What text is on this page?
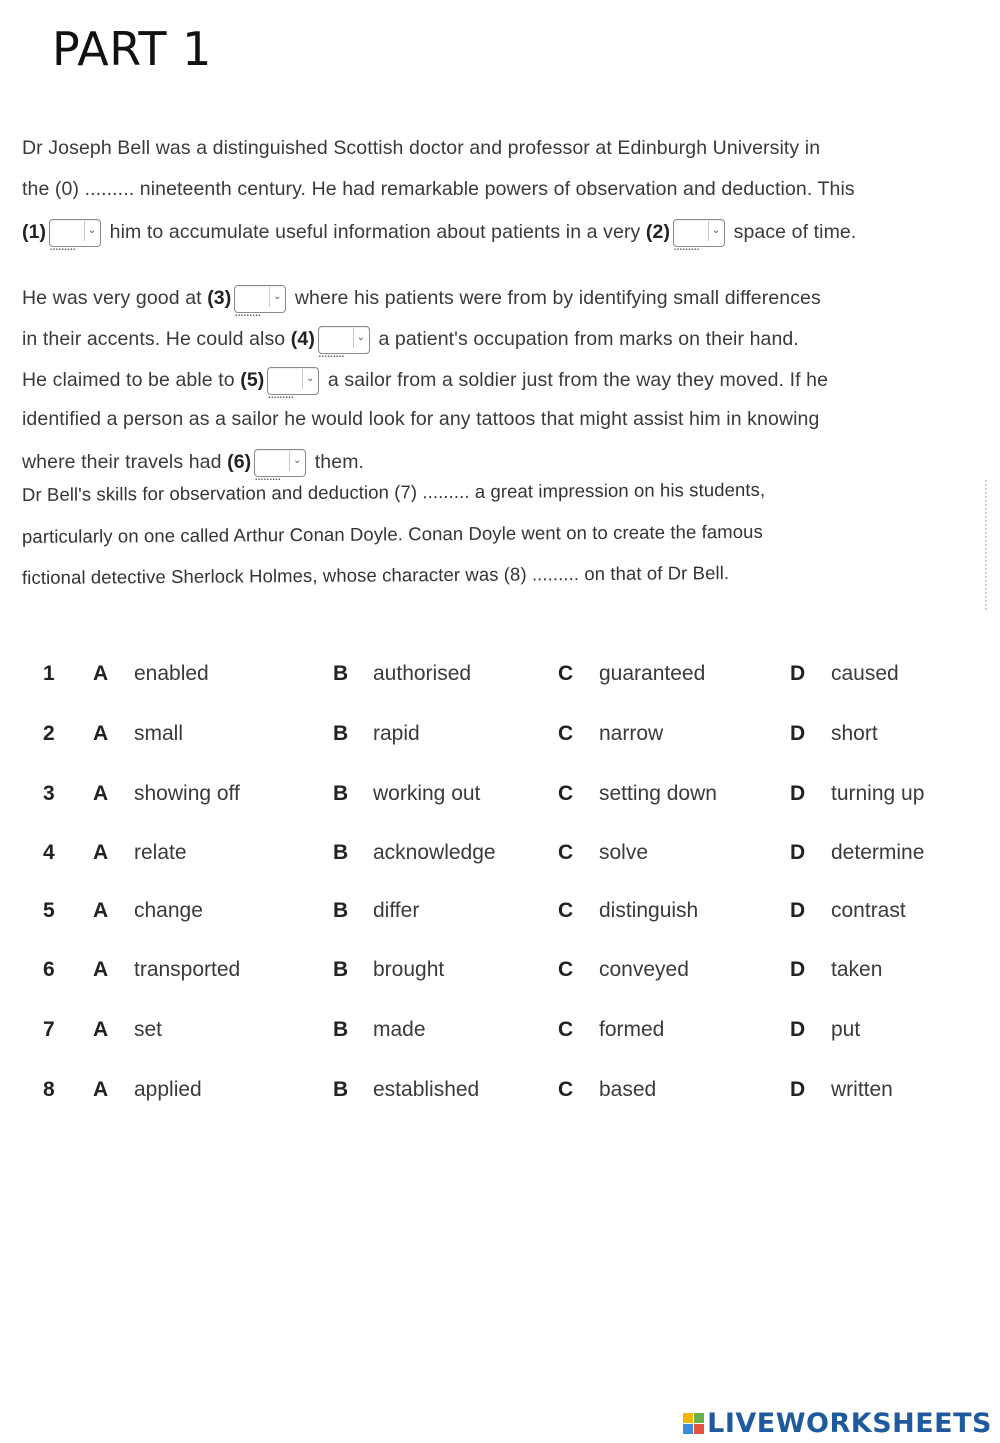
PART 1
Dr Joseph Bell was a distinguished Scottish doctor and professor at Edinburgh University in
the (0) ......... nineteenth century. He had remarkable powers of observation and deduction. This
(1)	⌄ him to accumulate useful information about patients in a very (2)	⌄ space of time.
He was very good at (3)	⌄ where his patients were from by identifying small differences
in their accents. He could also (4)	⌄ a patient's occupation from marks on their hand.
He claimed to be able to (5)	⌄ a sailor from a soldier just from the way they moved. If he
identified a person as a sailor he would look for any tattoos that might assist him in knowing
where their travels had (6)	⌄ them.
Dr Bell's skills for observation and deduction (7) ......... a great impression on his students,
particularly on one called Arthur Conan Doyle. Conan Doyle went on to create the famous
fictional detective Sherlock Holmes, whose character was (8) ......... on that of Dr Bell.
1 A enabled	B authorised	C guaranteed	D caused
2 A small	B rapid	C narrow	D short
3 A showing off	B working out	C setting down	D turning up
4 A relate	B acknowledge	C solve	D determine
5 A change	B differ	C distinguish	D contrast
6 A transported	B brought	C conveyed	D taken
7 A set	B made	C formed	D put
8 A applied	B established	C based	D written
LIVEWORKSHEETS
